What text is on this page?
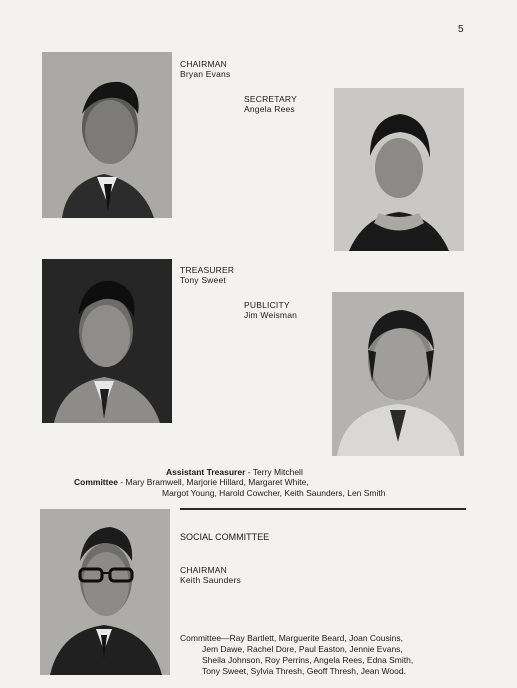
5
CHAIRMAN
Bryan Evans
SECRETARY
Angela Rees
TREASURER
Tony Sweet
PUBLICITY
Jim Weisman
Assistant Treasurer - Terry Mitchell
Committee - Mary Bramwell, Marjorie Hillard, Margaret White,
Margot Young, Harold Cowcher, Keith Saunders, Len Smith
SOCIAL COMMITTEE
CHAIRMAN
Keith Saunders
Committee—Ray Bartlett, Marguerite Beard, Joan Cousins,
Jem Dawe, Rachel Dore, Paul Easton, Jennie Evans,
Sheila Johnson, Roy Perrins, Angela Rees, Edna Smith,
Tony Sweet, Sylvia Thresh, Geoff Thresh, Jean Wood.
